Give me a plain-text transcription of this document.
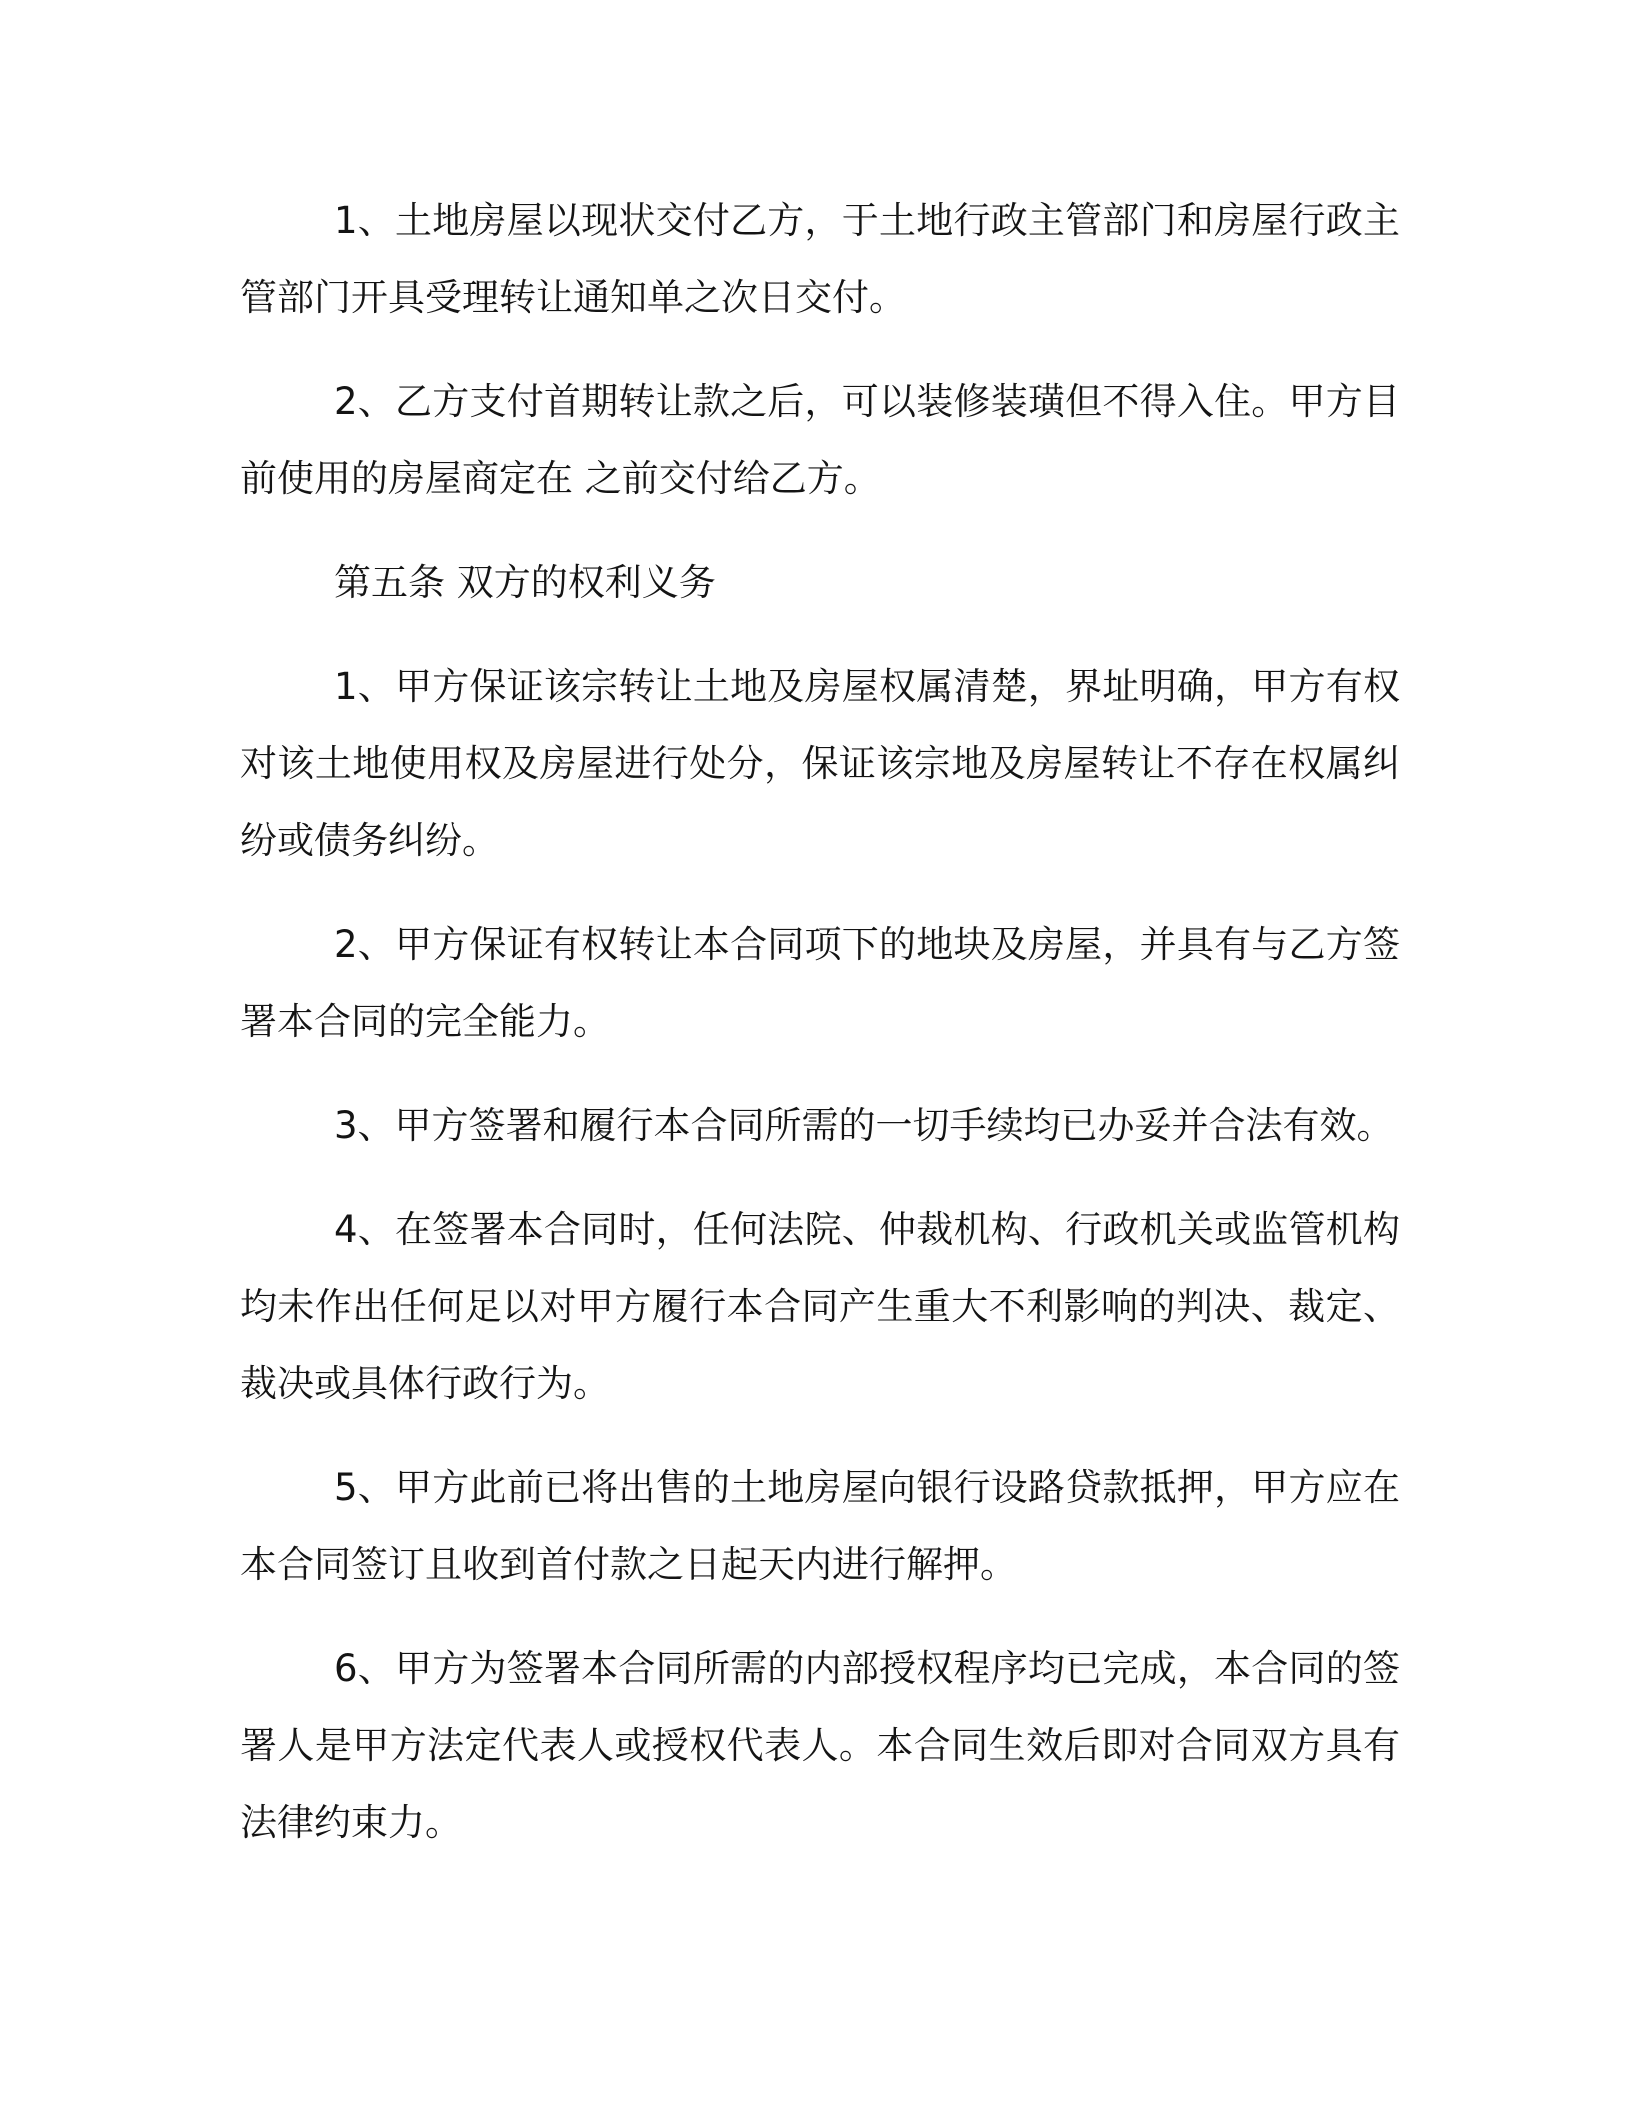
1、土地房屋以现状交付乙方，于土地行政主管部门和房屋行政主管部门开具受理转让通知单之次日交付。

2、乙方支付首期转让款之后，可以装修装璜但不得入住。甲方目前使用的房屋商定在 之前交付给乙方。

第五条 双方的权利义务

1、甲方保证该宗转让土地及房屋权属清楚，界址明确，甲方有权对该土地使用权及房屋进行处分，保证该宗地及房屋转让不存在权属纠纷或债务纠纷。

2、甲方保证有权转让本合同项下的地块及房屋，并具有与乙方签署本合同的完全能力。

3、甲方签署和履行本合同所需的一切手续均已办妥并合法有效。

4、在签署本合同时，任何法院、仲裁机构、行政机关或监管机构均未作出任何足以对甲方履行本合同产生重大不利影响的判决、裁定、裁决或具体行政行为。

5、甲方此前已将出售的土地房屋向银行设路贷款抵押，甲方应在本合同签订且收到首付款之日起天内进行解押。

6、甲方为签署本合同所需的内部授权程序均已完成，本合同的签署人是甲方法定代表人或授权代表人。本合同生效后即对合同双方具有法律约束力。
